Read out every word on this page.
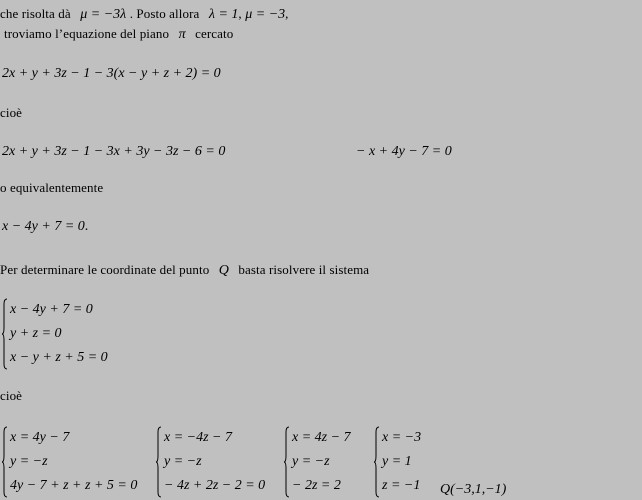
che risolta dà μ = −3λ . Posto allora λ = 1, μ = −3,
troviamo l’equazione del piano π cercato
2x + y + 3z − 1 − 3(x − y + z + 2) = 0
cioè
2x + y + 3z − 1 − 3x + 3y − 3z − 6 = 0	− x + 4y − 7 = 0
o equivalentemente
x − 4y + 7 = 0.
Per determinare le coordinate del punto Q basta risolvere il sistema
x − 4y + 7 = 0
y + z = 0
x − y + z + 5 = 0
cioè
x = 4y − 7
y = −z
4y − 7 + z + z + 5 = 0
x = −4z − 7
y = −z
− 4z + 2z − 2 = 0
x = 4z − 7
y = −z
− 2z = 2
x = −3
y = 1
z = −1 Q(−3,1,−1)
